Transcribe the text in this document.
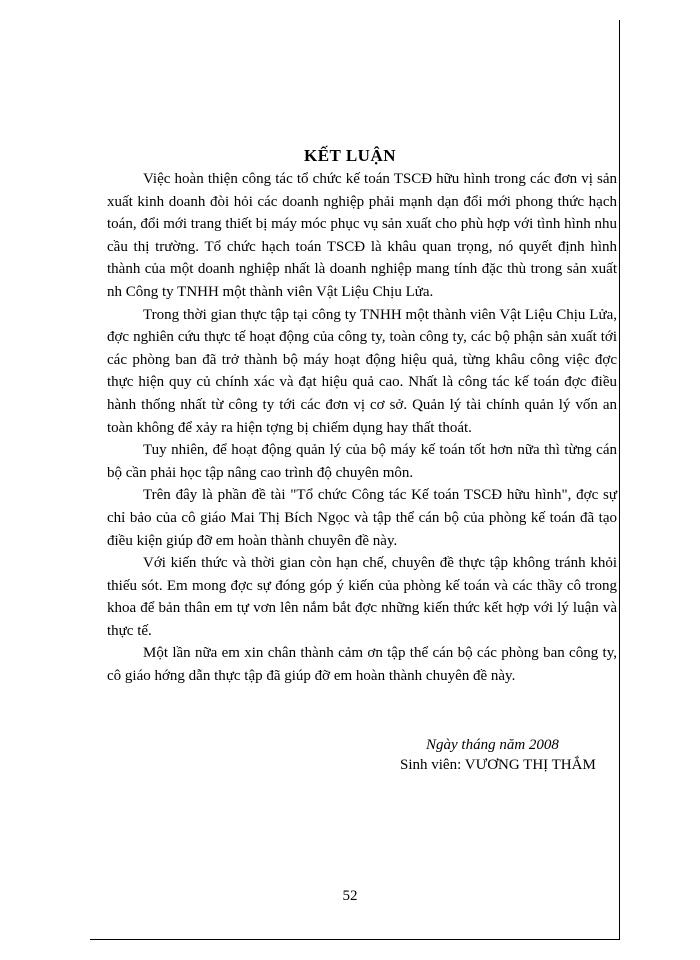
KẾT LUẬN

Việc hoàn thiện công tác tổ chức kế toán TSCĐ hữu hình trong các đơn vị sản xuất kinh doanh đòi hỏi các doanh nghiệp phải mạnh dạn đổi mới phong thức hạch toán, đổi mới trang thiết bị máy móc phục vụ sản xuất cho phù hợp với tình hình nhu cầu thị trường. Tổ chức hạch toán TSCĐ là khâu quan trọng, nó quyết định hình thành của một doanh nghiệp nhất là doanh nghiệp mang tính đặc thù trong sản xuất nh Công ty TNHH một thành viên Vật Liệu Chịu Lửa.

Trong thời gian thực tập tại công ty TNHH một thành viên Vật Liệu Chịu Lửa, đợc nghiên cứu thực tế hoạt động của công ty, toàn công ty, các bộ phận sản xuất tới các phòng ban đã trở thành bộ máy hoạt động hiệu quả, từng khâu công việc đợc thực hiện quy củ chính xác và đạt hiệu quả cao. Nhất là công tác kế toán đợc điều hành thống nhất từ công ty tới các đơn vị cơ sở. Quản lý tài chính quản lý vốn an toàn không để xảy ra hiện tợng bị chiếm dụng hay thất thoát.

Tuy nhiên, để hoạt động quản lý của bộ máy kế toán tốt hơn nữa thì từng cán bộ cần phải học tập nâng cao trình độ chuyên môn.

Trên đây là phần đề tài "Tổ chức Công tác Kế toán TSCĐ hữu hình", đợc sự chỉ bảo của cô giáo Mai Thị Bích Ngọc và tập thể cán bộ của phòng kế toán đã tạo điều kiện giúp đỡ em hoàn thành chuyên đề này.

Với kiến thức và thời gian còn hạn chế, chuyên đề thực tập không tránh khỏi thiếu sót. Em mong đợc sự đóng góp ý kiến của phòng kế toán và các thầy cô trong khoa để bản thân em tự vơn lên nắm bắt đợc những kiến thức kết hợp với lý luận và thực tế.

Một lần nữa em xin chân thành cảm ơn tập thể cán bộ các phòng ban công ty, cô giáo hớng dẫn thực tập đã giúp đỡ em hoàn thành chuyên đề này.

Ngày tháng năm 2008

Sinh viên: VƯƠNG THỊ THẮM

52
